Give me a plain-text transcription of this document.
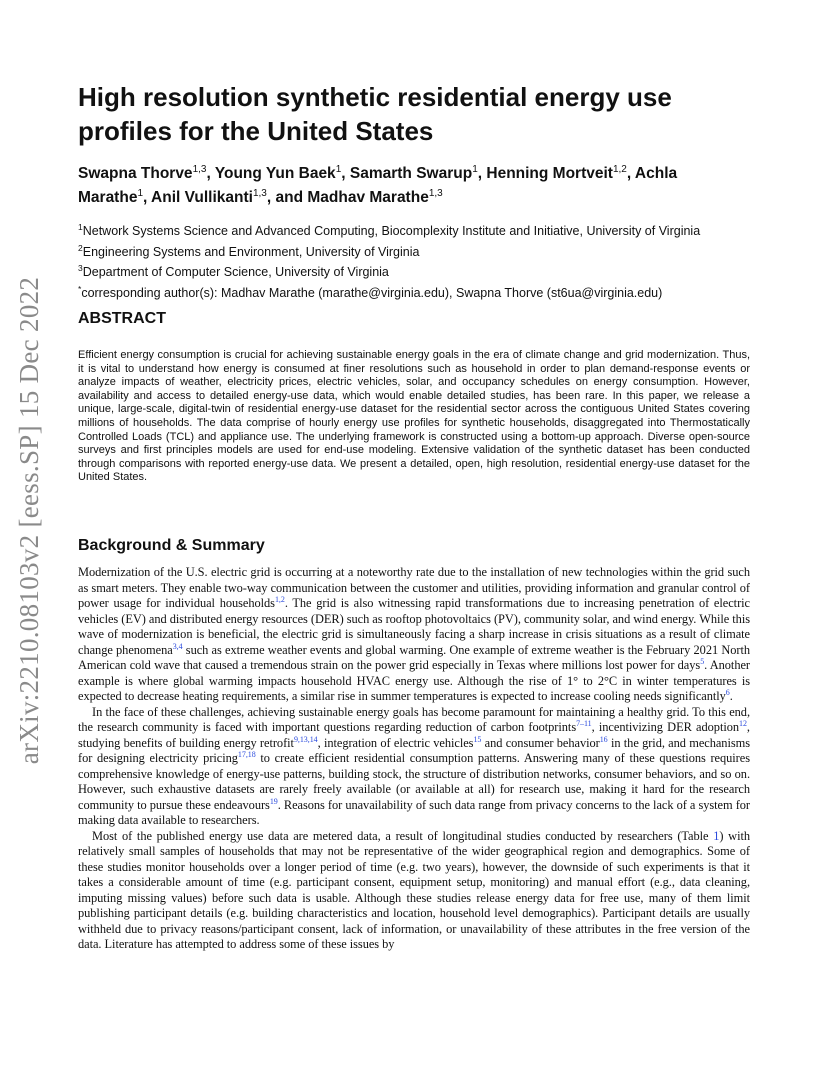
arXiv:2210.08103v2 [eess.SP] 15 Dec 2022
High resolution synthetic residential energy use profiles for the United States

Swapna Thorve$^{1,3}$, Young Yun Baek$^1$, Samarth Swarup$^1$, Henning Mortveit$^{1,2}$, Achla Marathe$^1$, Anil Vullikanti$^{1,3}$, and Madhav Marathe$^{1,3}$

$^1$Network Systems Science and Advanced Computing, Biocomplexity Institute and Initiative, University of Virginia

$^2$Engineering Systems and Environment, University of Virginia

$^3$Department of Computer Science, University of Virginia

*corresponding author(s): Madhav Marathe (marathe@virginia.edu), Swapna Thorve (st6ua@virginia.edu)

ABSTRACT

Efficient energy consumption is crucial for achieving sustainable energy goals in the era of climate change and grid modernization. Thus, it is vital to understand how energy is consumed at finer resolutions such as household in order to plan demand-response events or analyze impacts of weather, electricity prices, electric vehicles, solar, and occupancy schedules on energy consumption. However, availability and access to detailed energy-use data, which would enable detailed studies, has been rare. In this paper, we release a unique, large-scale, digital-twin of residential energy-use dataset for the residential sector across the contiguous United States covering millions of households. The data comprise of hourly energy use profiles for synthetic households, disaggregated into Thermostatically Controlled Loads (TCL) and appliance use. The underlying framework is constructed using a bottom-up approach. Diverse open-source surveys and first principles models are used for end-use modeling. Extensive validation of the synthetic dataset has been conducted through comparisons with reported energy-use data. We present a detailed, open, high resolution, residential energy-use dataset for the United States.

Background & Summary

Modernization of the U.S. electric grid is occurring at a noteworthy rate due to the installation of new technologies within the grid such as smart meters. They enable two-way communication between the customer and utilities, providing information and granular control of power usage for individual households$^{1,2}$. The grid is also witnessing rapid transformations due to increasing penetration of electric vehicles (EV) and distributed energy resources (DER) such as rooftop photovoltaics (PV), community solar, and wind energy. While this wave of modernization is beneficial, the electric grid is simultaneously facing a sharp increase in crisis situations as a result of climate change phenomena$^{3,4}$ such as extreme weather events and global warming. One example of extreme weather is the February 2021 North American cold wave that caused a tremendous strain on the power grid especially in Texas where millions lost power for days$^5$. Another example is where global warming impacts household HVAC energy use. Although the rise of 1° to 2°C in winter temperatures is expected to decrease heating requirements, a similar rise in summer temperatures is expected to increase cooling needs significantly$^6$.

In the face of these challenges, achieving sustainable energy goals has become paramount for maintaining a healthy grid. To this end, the research community is faced with important questions regarding reduction of carbon footprints$^{7-11}$, incentivizing DER adoption$^{12}$, studying benefits of building energy retrofit$^{9,13,14}$, integration of electric vehicles$^{15}$ and consumer behavior$^{16}$ in the grid, and mechanisms for designing electricity pricing$^{17,18}$ to create efficient residential consumption patterns. Answering many of these questions requires comprehensive knowledge of energy-use patterns, building stock, the structure of distribution networks, consumer behaviors, and so on. However, such exhaustive datasets are rarely freely available (or available at all) for research use, making it hard for the research community to pursue these endeavours$^{19}$. Reasons for unavailability of such data range from privacy concerns to the lack of a system for making data available to researchers.

Most of the published energy use data are metered data, a result of longitudinal studies conducted by researchers (Table 1) with relatively small samples of households that may not be representative of the wider geographical region and demographics. Some of these studies monitor households over a longer period of time (e.g. two years), however, the downside of such experiments is that it takes a considerable amount of time (e.g. participant consent, equipment setup, monitoring) and manual effort (e.g., data cleaning, imputing missing values) before such data is usable. Although these studies release energy data for free use, many of them limit publishing participant details (e.g. building characteristics and location, household level demographics). Participant details are usually withheld due to privacy reasons/participant consent, lack of information, or unavailability of these attributes in the free version of the data. Literature has attempted to address some of these issues by
